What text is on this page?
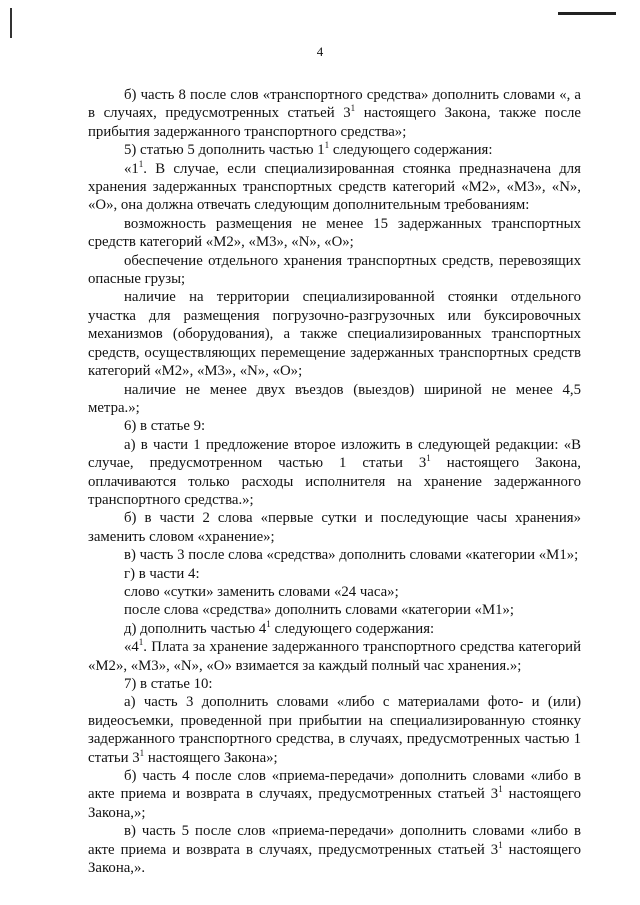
4

б) часть 8 после слов «транспортного средства» дополнить словами «, а в случаях, предусмотренных статьей $3^1$ настоящего Закона, также после прибытия задержанного транспортного средства»;

5) статью 5 дополнить частью $1^1$ следующего содержания:

«$1^1$. В случае, если специализированная стоянка предназначена для хранения задержанных транспортных средств категорий «М2», «М3», «N», «О», она должна отвечать следующим дополнительным требованиям:

возможность размещения не менее 15 задержанных транспортных средств категорий «М2», «М3», «N», «О»;

обеспечение отдельного хранения транспортных средств, перевозящих опасные грузы;

наличие на территории специализированной стоянки отдельного участка для размещения погрузочно-разгрузочных или буксировочных механизмов (оборудования), а также специализированных транспортных средств, осуществляющих перемещение задержанных транспортных средств категорий «М2», «М3», «N», «О»;

наличие не менее двух въездов (выездов) шириной не менее 4,5 метра.»;

6) в статье 9:

а) в части 1 предложение второе изложить в следующей редакции: «В случае, предусмотренном частью 1 статьи $3^1$ настоящего Закона, оплачиваются только расходы исполнителя на хранение задержанного транспортного средства.»;

б) в части 2 слова «первые сутки и последующие часы хранения» заменить словом «хранение»;

в) часть 3 после слова «средства» дополнить словами «категории «М1»;

г) в части 4:

слово «сутки» заменить словами «24 часа»;

после слова «средства» дополнить словами «категории «М1»;

д) дополнить частью $4^1$ следующего содержания:

«$4^1$. Плата за хранение задержанного транспортного средства категорий «М2», «М3», «N», «О» взимается за каждый полный час хранения.»;

7) в статье 10:

а) часть 3 дополнить словами «либо с материалами фото- и (или) видеосъемки, проведенной при прибытии на специализированную стоянку задержанного транспортного средства, в случаях, предусмотренных частью 1 статьи $3^1$ настоящего Закона»;

б) часть 4 после слов «приема-передачи» дополнить словами «либо в акте приема и возврата в случаях, предусмотренных статьей $3^1$ настоящего Закона,»;

в) часть 5 после слов «приема-передачи» дополнить словами «либо в акте приема и возврата в случаях, предусмотренных статьей $3^1$ настоящего Закона,».
